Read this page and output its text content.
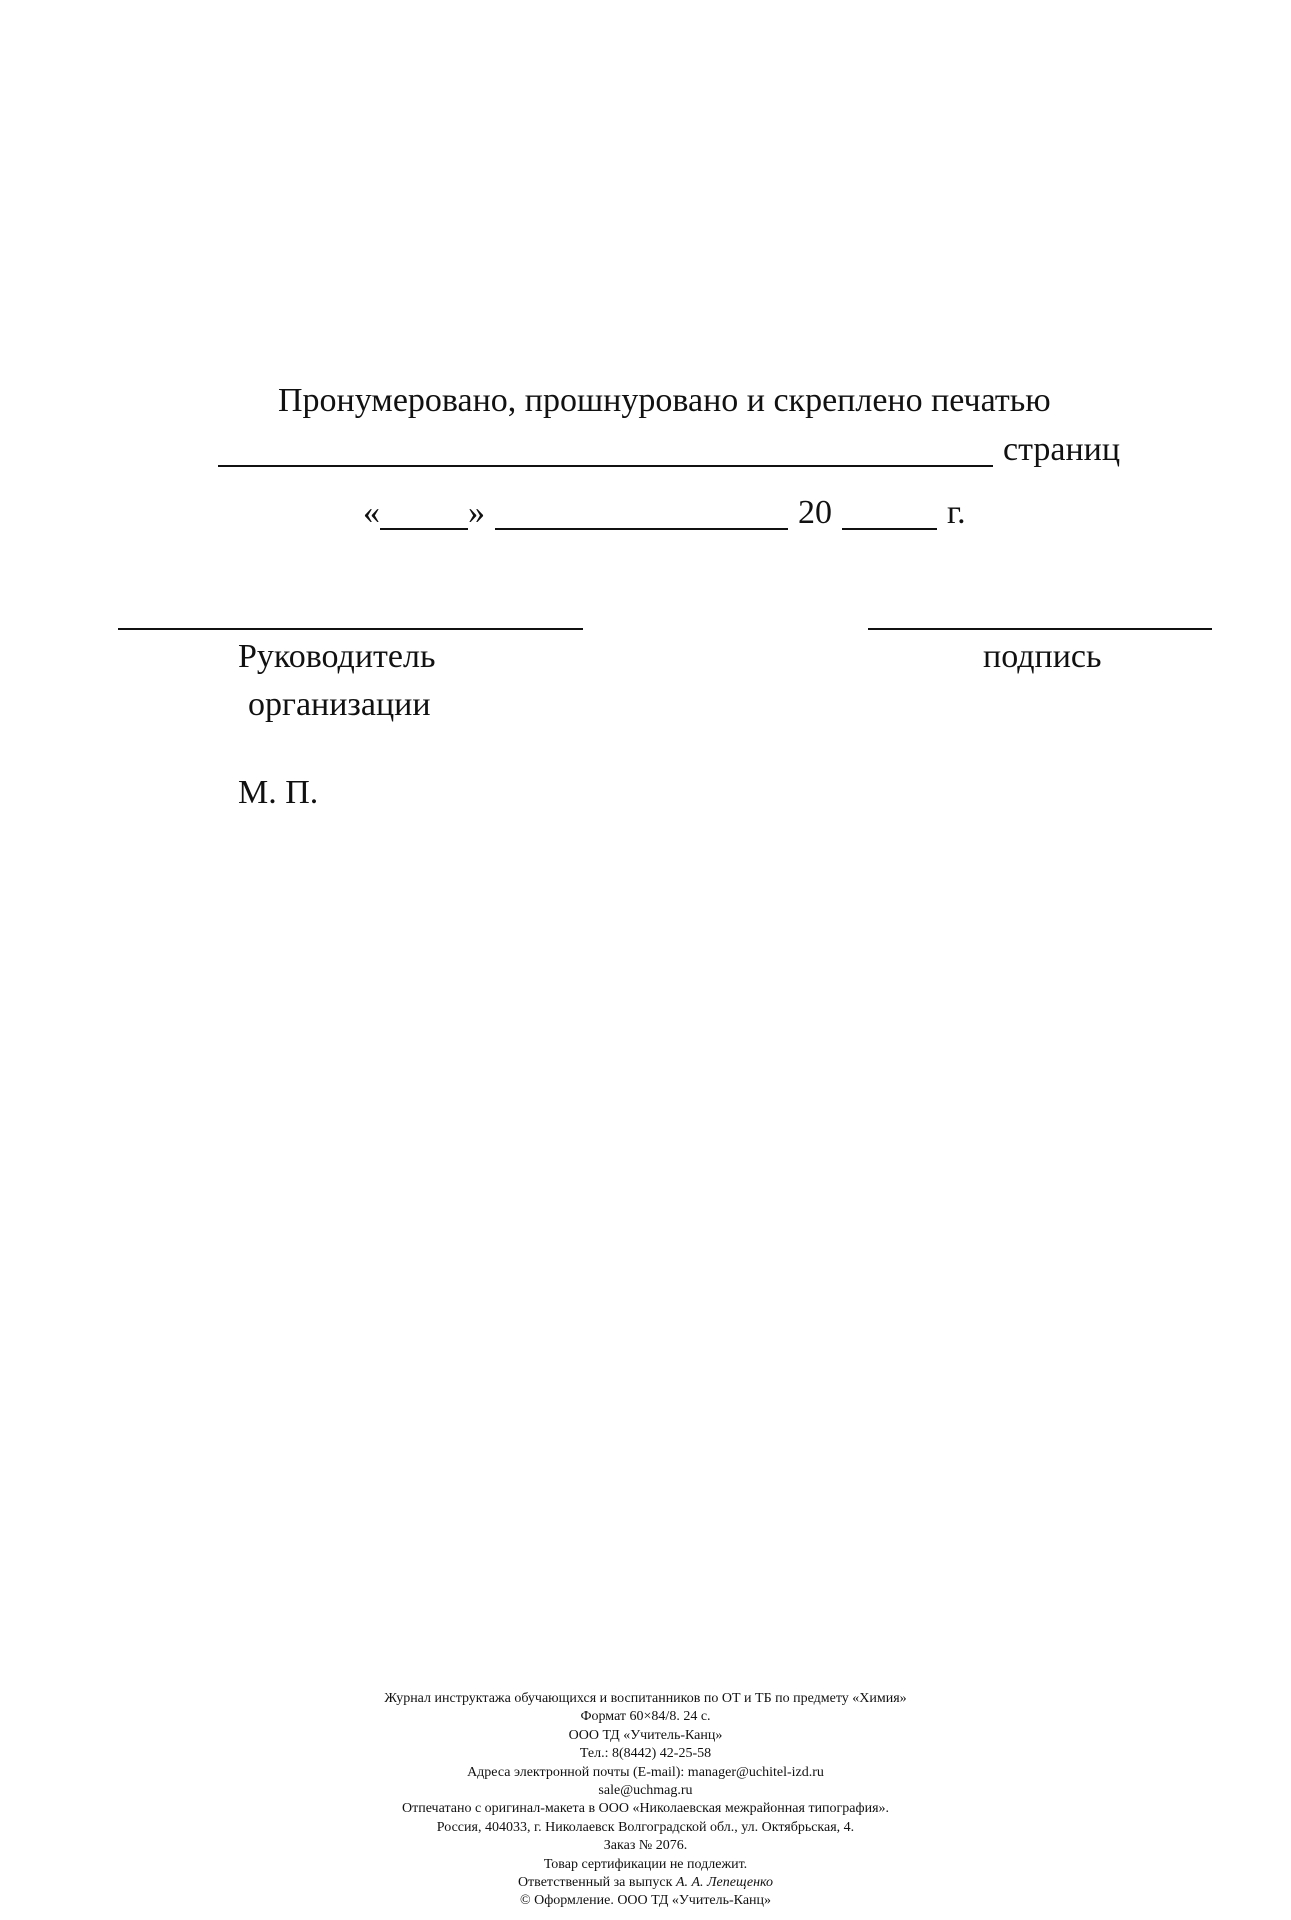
Пронумеровано, прошнуровано и скреплено печатью
страниц
«	»	20	г.
Руководитель
организации
подпись
М. П.
Журнал инструктажа обучающихся и воспитанников по ОТ и ТБ по предмету «Химия»
Формат 60×84/8. 24 с.
ООО ТД «Учитель-Канц»
Тел.: 8(8442) 42-25-58
Адреса электронной почты (E-mail): manager@uchitel-izd.ru
sale@uchmag.ru
Отпечатано с оригинал-макета в ООО «Николаевская межрайонная типография».
Россия, 404033, г. Николаевск Волгоградской обл., ул. Октябрьская, 4.
Заказ № 2076.
Товар сертификации не подлежит.
Ответственный за выпуск А. А. Лепещенко
© Оформление. ООО ТД «Учитель-Канц»
